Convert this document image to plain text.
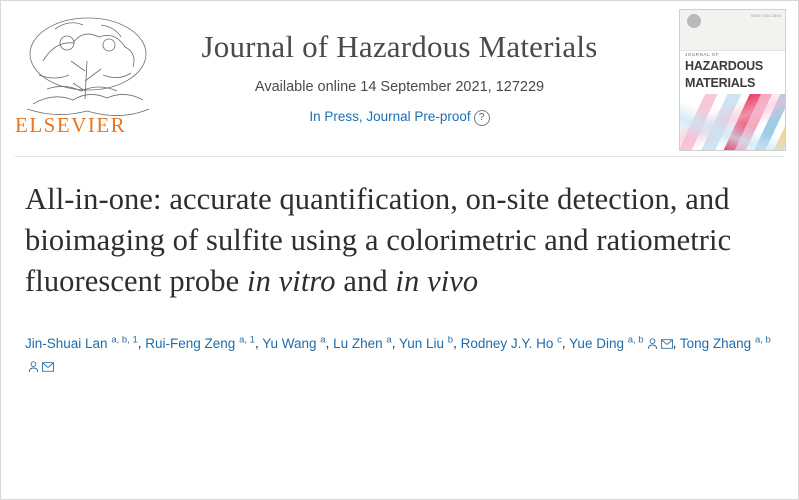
ELSEVIER
Journal of Hazardous Materials
Available online 14 September 2021, 127229
In Press, Journal Pre-proof ?
ISSN 0304-3894
JOURNAL OF
HAZARDOUS
MATERIALS
All-in-one: accurate quantification, on-site detection, and bioimaging of sulfite using a colorimetric and ratiometric fluorescent probe in vitro and in vivo
Jin-Shuai Lan $^{a, b, 1}$, Rui-Feng Zeng $^{a, 1}$, Yu Wang $^a$, Lu Zhen $^a$, Yun Liu $^b$, Rodney J.Y. Ho $^c$, Yue Ding $^{a, b}$ , Tong Zhang $^{a, b}$
